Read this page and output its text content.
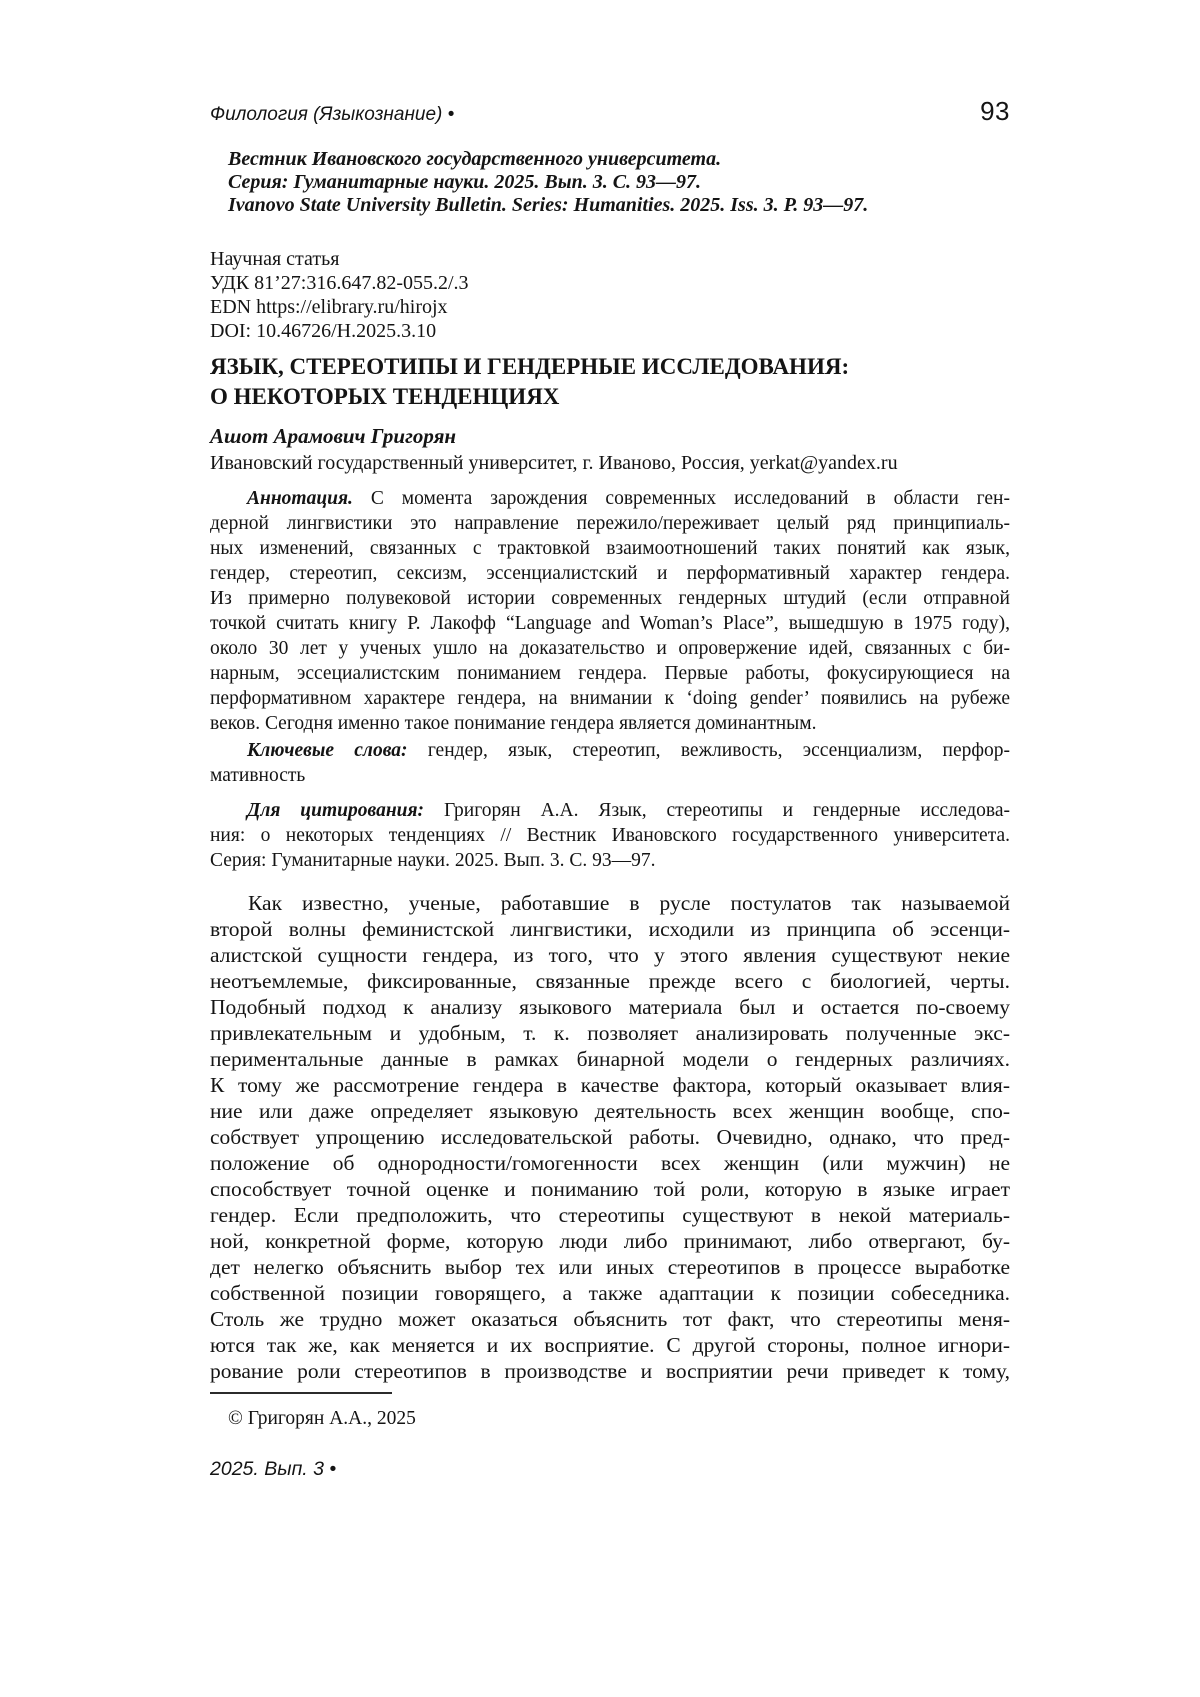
Филология (Языкознание) •	93
Вестник Ивановского государственного университета.
Серия: Гуманитарные науки. 2025. Вып. 3. С. 93—97.
Ivanovo State University Bulletin. Series: Humanities. 2025. Iss. 3. P. 93—97.
Научная статья
УДК 81’27:316.647.82-055.2/.3
EDN https://elibrary.ru/hirojx
DOI: 10.46726/H.2025.3.10
ЯЗЫК, СТЕРЕОТИПЫ И ГЕНДЕРНЫЕ ИССЛЕДОВАНИЯ:
О НЕКОТОРЫХ ТЕНДЕНЦИЯХ
Ашот Арамович Григорян
Ивановский государственный университет, г. Иваново, Россия, yerkat@yandex.ru
Аннотация. С момента зарождения современных исследований в области ген-
дерной лингвистики это направление пережило/переживает целый ряд принципиаль-
ных изменений, связанных с трактовкой взаимоотношений таких понятий как язык,
гендер, стереотип, сексизм, эссенциалистский и перформативный характер гендера.
Из примерно полувековой истории современных гендерных штудий (если отправной
точкой считать книгу Р. Лакофф “Language and Woman’s Place”, вышедшую в 1975 году),
около 30 лет у ученых ушло на доказательство и опровержение идей, связанных с би-
нарным, эссециалистским пониманием гендера. Первые работы, фокусирующиеся на
перформативном характере гендера, на внимании к ‘doing gender’ появились на рубеже
веков. Сегодня именно такое понимание гендера является доминантным.
Ключевые слова: гендер, язык, стереотип, вежливость, эссенциализм, перфор-
мативность
Для цитирования: Григорян А.А. Язык, стереотипы и гендерные исследова-
ния: о некоторых тенденциях // Вестник Ивановского государственного университета.
Серия: Гуманитарные науки. 2025. Вып. 3. С. 93—97.
Как известно, ученые, работавшие в русле постулатов так называемой
второй волны феминистской лингвистики, исходили из принципа об эссенци-
алистской сущности гендера, из того, что у этого явления существуют некие
неотъемлемые, фиксированные, связанные прежде всего с биологией, черты.
Подобный подход к анализу языкового материала был и остается по-своему
привлекательным и удобным, т. к. позволяет анализировать полученные экс-
периментальные данные в рамках бинарной модели о гендерных различиях.
К тому же рассмотрение гендера в качестве фактора, который оказывает влия-
ние или даже определяет языковую деятельность всех женщин вообще, спо-
собствует упрощению исследовательской работы. Очевидно, однако, что пред-
положение об однородности/гомогенности всех женщин (или мужчин) не
способствует точной оценке и пониманию той роли, которую в языке играет
гендер. Если предположить, что стереотипы существуют в некой материаль-
ной, конкретной форме, которую люди либо принимают, либо отвергают, бу-
дет нелегко объяснить выбор тех или иных стереотипов в процессе выработке
собственной позиции говорящего, а также адаптации к позиции собеседника.
Столь же трудно может оказаться объяснить тот факт, что стереотипы меня-
ются так же, как меняется и их восприятие. С другой стороны, полное игнори-
рование роли стереотипов в производстве и восприятии речи приведет к тому,
© Григорян А.А., 2025
2025. Вып. 3 •
